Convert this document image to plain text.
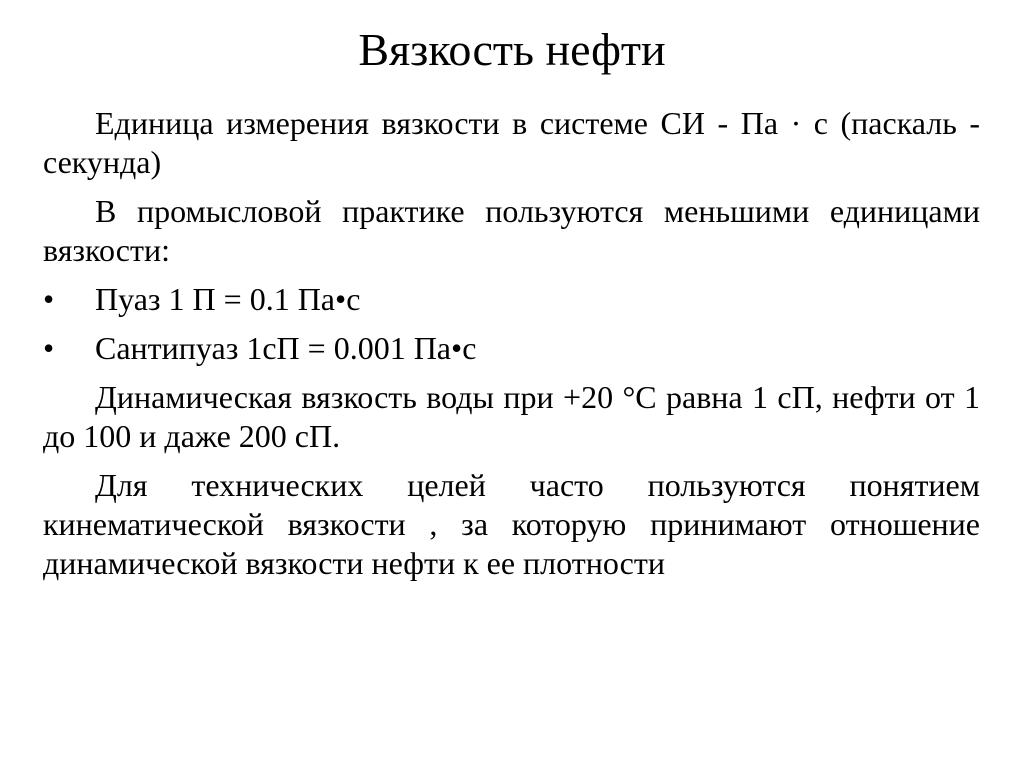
Вязкость нефти

Единица измерения вязкости в системе СИ - Па · с (паскаль - секунда)

В промысловой практике пользуются меньшими единицами вязкости:

• Пуаз 1 П = 0.1 Па•с
• Сантипуаз 1сП = 0.001 Па•с

Динамическая вязкость воды при +20 °С равна 1 сП, нефти от 1 до 100 и даже 200 сП.

Для технических целей часто пользуются понятием кинематической вязкости , за которую принимают отношение динамической вязкости нефти к ее плотности
